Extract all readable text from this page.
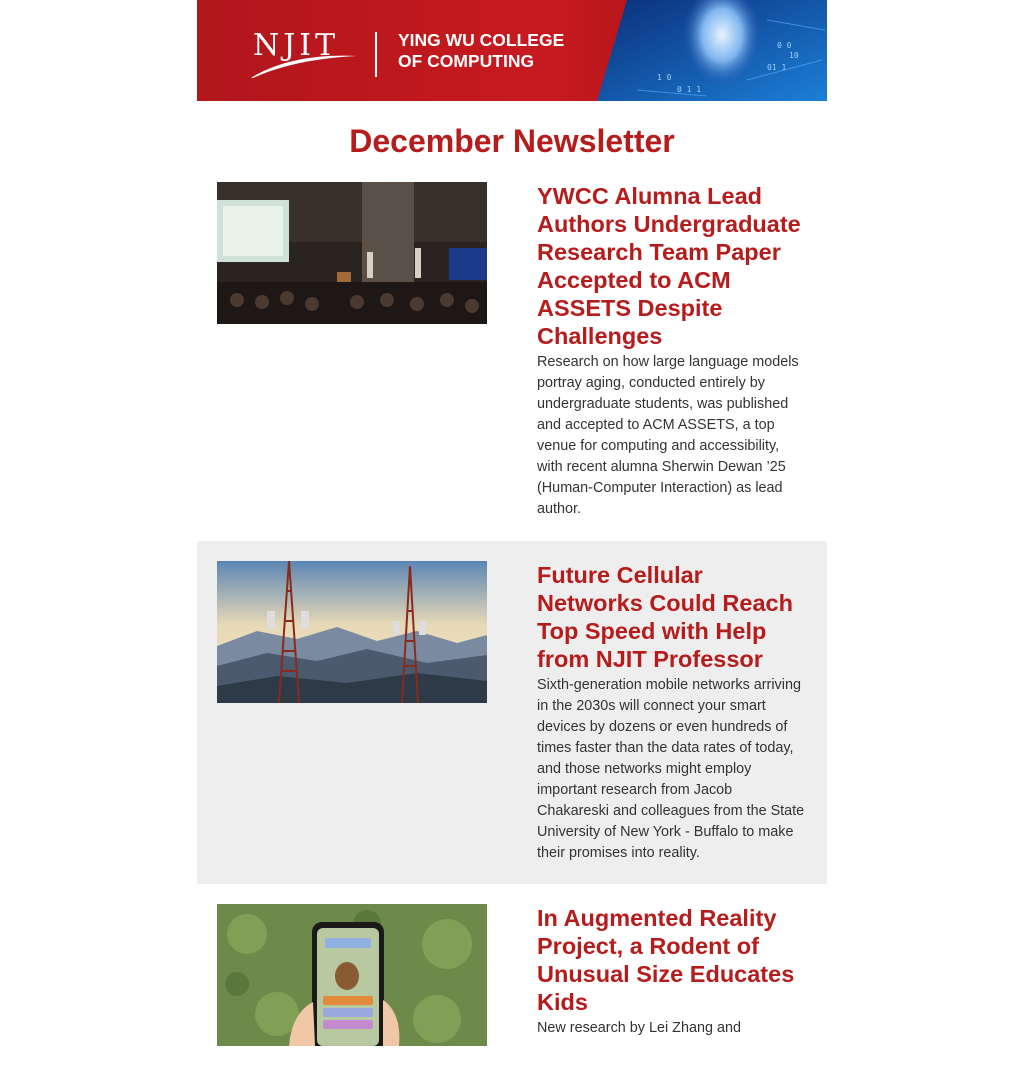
0 0
10
01 1
1 0
0 1 1
NJIT	YING WU COLLEGE
OF COMPUTING
December Newsletter
YWCC Alumna Lead Authors Undergraduate Research Team Paper Accepted to ACM ASSETS Despite Challenges

Research on how large language models portray aging, conducted entirely by undergraduate students, was published and accepted to ACM ASSETS, a top venue for computing and accessibility, with recent alumna Sherwin Dewan ’25 (Human-Computer Interaction) as lead author.

Future Cellular Networks Could Reach Top Speed with Help from NJIT Professor

Sixth-generation mobile networks arriving in the 2030s will connect your smart devices by dozens or even hundreds of times faster than the data rates of today, and those networks might employ important research from Jacob Chakareski and colleagues from the State University of New York - Buffalo to make their promises into reality.

In Augmented Reality Project, a Rodent of Unusual Size Educates Kids

New research by Lei Zhang and
